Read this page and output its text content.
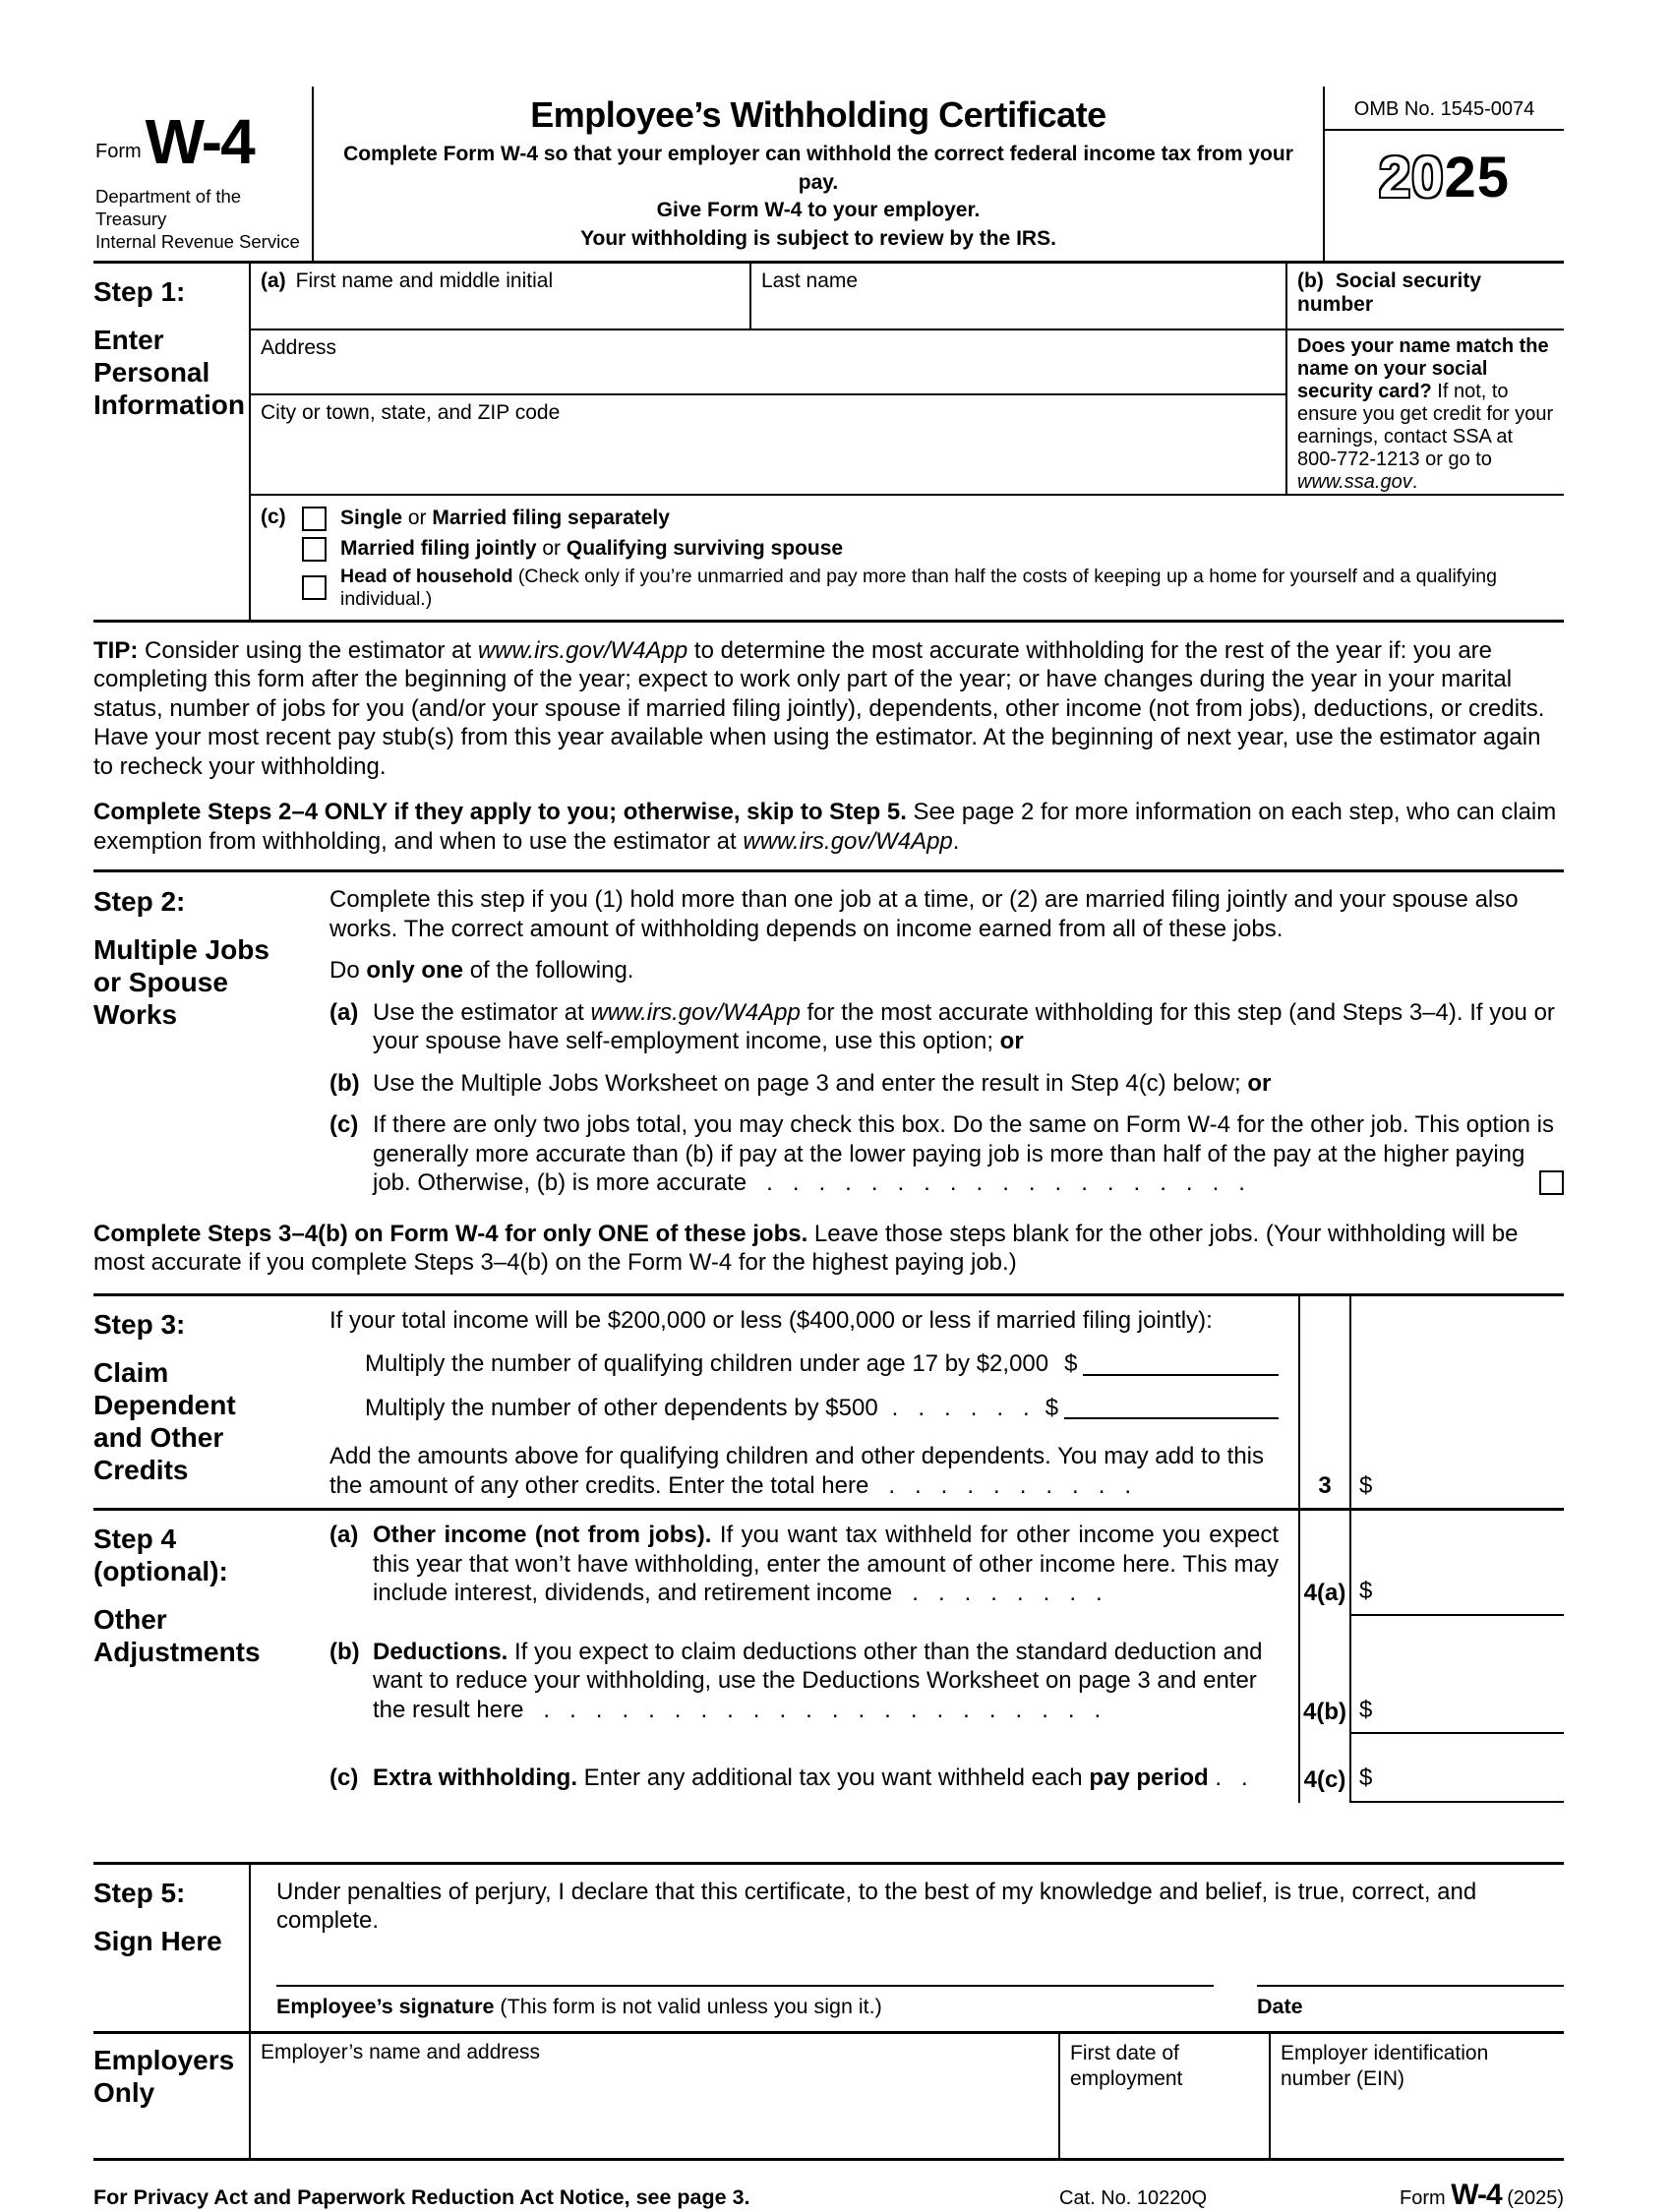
Form W-4
Department of the Treasury
Internal Revenue Service
Employee’s Withholding Certificate
Complete Form W-4 so that your employer can withhold the correct federal income tax from your pay.
Give Form W-4 to your employer.
Your withholding is subject to review by the IRS.
OMB No. 1545-0074
2025
Step 1:
Enter Personal Information
(a) First name and middle initial	Last name
Address
City or town, state, and ZIP code
(b) Social security number
Does your name match the name on your social security card? If not, to ensure you get credit for your earnings, contact SSA at 800-772-1213 or go to www.ssa.gov.
(c)	Single or Married filing separately
Married filing jointly or Qualifying surviving spouse
Head of household (Check only if you’re unmarried and pay more than half the costs of keeping up a home for yourself and a qualifying individual.)
TIP: Consider using the estimator at www.irs.gov/W4App to determine the most accurate withholding for the rest of the year if: you are completing this form after the beginning of the year; expect to work only part of the year; or have changes during the year in your marital status, number of jobs for you (and/or your spouse if married filing jointly), dependents, other income (not from jobs), deductions, or credits. Have your most recent pay stub(s) from this year available when using the estimator. At the beginning of next year, use the estimator again to recheck your withholding.
Complete Steps 2–4 ONLY if they apply to you; otherwise, skip to Step 5. See page 2 for more information on each step, who can claim exemption from withholding, and when to use the estimator at www.irs.gov/W4App.
Step 2:
Multiple Jobs or Spouse Works
Complete this step if you (1) hold more than one job at a time, or (2) are married filing jointly and your spouse also works. The correct amount of withholding depends on income earned from all of these jobs.
Do only one of the following.
(a) Use the estimator at www.irs.gov/W4App for the most accurate withholding for this step (and Steps 3–4). If you or your spouse have self-employment income, use this option; or
(b) Use the Multiple Jobs Worksheet on page 3 and enter the result in Step 4(c) below; or
(c) If there are only two jobs total, you may check this box. Do the same on Form W-4 for the other job. This option is generally more accurate than (b) if pay at the lower paying job is more than half of the pay at the higher paying job. Otherwise, (b) is more accurate   .   .   .   .   .   .   .   .   .   .   .   .   .   .   .   .   .   .   .
Complete Steps 3–4(b) on Form W-4 for only ONE of these jobs. Leave those steps blank for the other jobs. (Your withholding will be most accurate if you complete Steps 3–4(b) on the Form W-4 for the highest paying job.)
Step 3:
Claim Dependent and Other Credits
If your total income will be $200,000 or less ($400,000 or less if married filing jointly):
Multiply the number of qualifying children under age 17 by $2,000 $
Multiply the number of other dependents by $500 .   .   .   .   .   . $
Add the amounts above for qualifying children and other dependents. You may add to this the amount of any other credits. Enter the total here   .   .   .   .   .   .   .   .   .   .	3	$
Step 4
(optional):
Other Adjustments
(a) Other income (not from jobs). If you want tax withheld for other income you expect this year that won’t have withholding, enter the amount of other income here. This may include interest, dividends, and retirement income   .   .   .   .   .   .   .   .	4(a) $
(b) Deductions. If you expect to claim deductions other than the standard deduction and want to reduce your withholding, use the Deductions Worksheet on page 3 and enter the result here   .   .   .   .   .   .   .   .   .   .   .   .   .   .   .   .   .   .   .   .   .   .	4(b) $
(c) Extra withholding. Enter any additional tax you want withheld each pay period .   .	4(c) $
Step 5:
Sign Here
Under penalties of perjury, I declare that this certificate, to the best of my knowledge and belief, is true, correct, and complete.
Employee’s signature (This form is not valid unless you sign it.)	Date
Employers
Only
Employer’s name and address	First date of employment
Employer identification number (EIN)
For Privacy Act and Paperwork Reduction Act Notice, see page 3.	Cat. No. 10220Q	Form W-4 (2025)
